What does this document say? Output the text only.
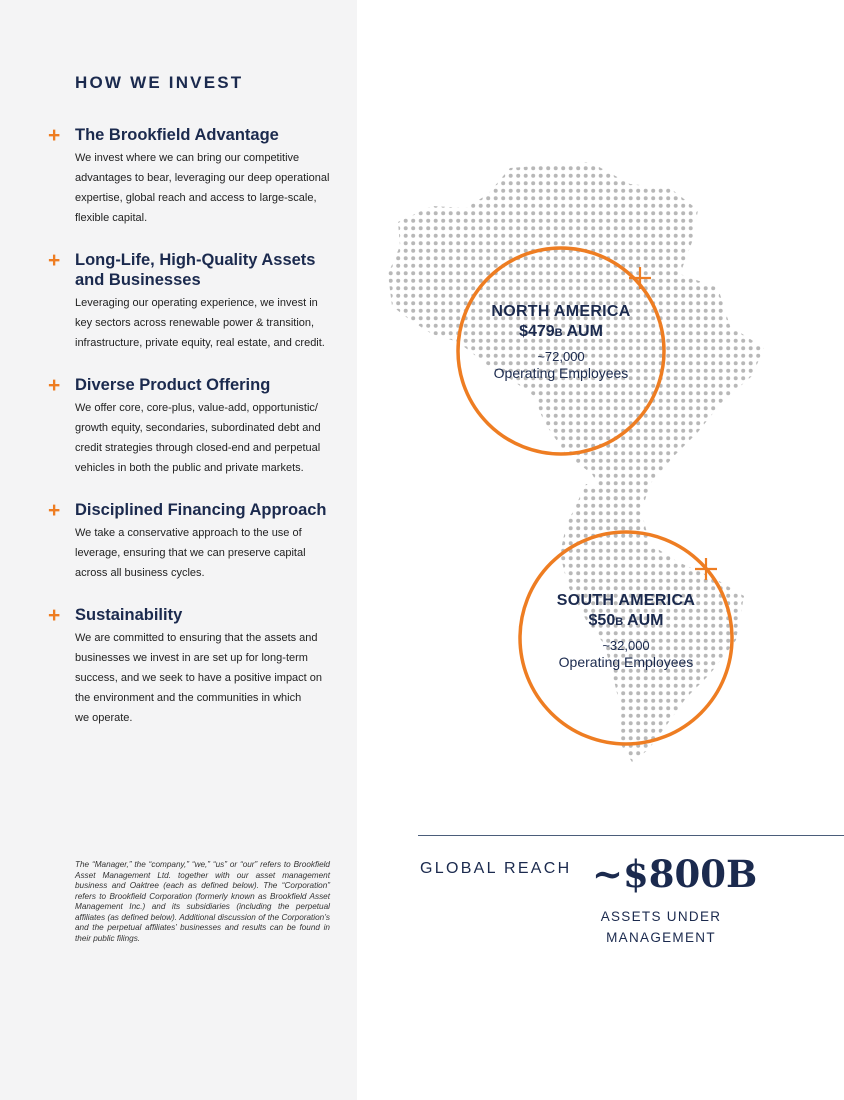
HOW WE INVEST
+ The Brookfield Advantage

We invest where we can bring our competitive
advantages to bear, leveraging our deep operational
expertise, global reach and access to large-scale,
flexible capital.

+ Long-Life, High-Quality Assets
and Businesses

Leveraging our operating experience, we invest in
key sectors across renewable power & transition,
infrastructure, private equity, real estate, and credit.

+ Diverse Product Offering

We offer core, core-plus, value-add, opportunistic/
growth equity, secondaries, subordinated debt and
credit strategies through closed-end and perpetual
vehicles in both the public and private markets.

+ Disciplined Financing Approach

We take a conservative approach to the use of
leverage, ensuring that we can preserve capital
across all business cycles.

+ Sustainability

We are committed to ensuring that the assets and
businesses we invest in are set up for long-term
success, and we seek to have a positive impact on
the environment and the communities in which
we operate.

The “Manager,” the “company,” “we,” “us” or “our” refers to Brookfield Asset Management Ltd. together with our asset management business and Oaktree (each as defined below). The “Corporation” refers to Brookfield Corporation (formerly known as Brookfield Asset Management Inc.) and its subsidiaries (including the perpetual affiliates (as defined below). Additional discussion of the Corporation’s and the perpetual affiliates’ businesses and results can be found in their public filings.
NORTH AMERICA
$479B AUM
~72,000
Operating Employees
SOUTH AMERICA
$50B AUM
~32,000
Operating Employees
GLOBAL REACH ~$800B
ASSETS UNDER
MANAGEMENT
